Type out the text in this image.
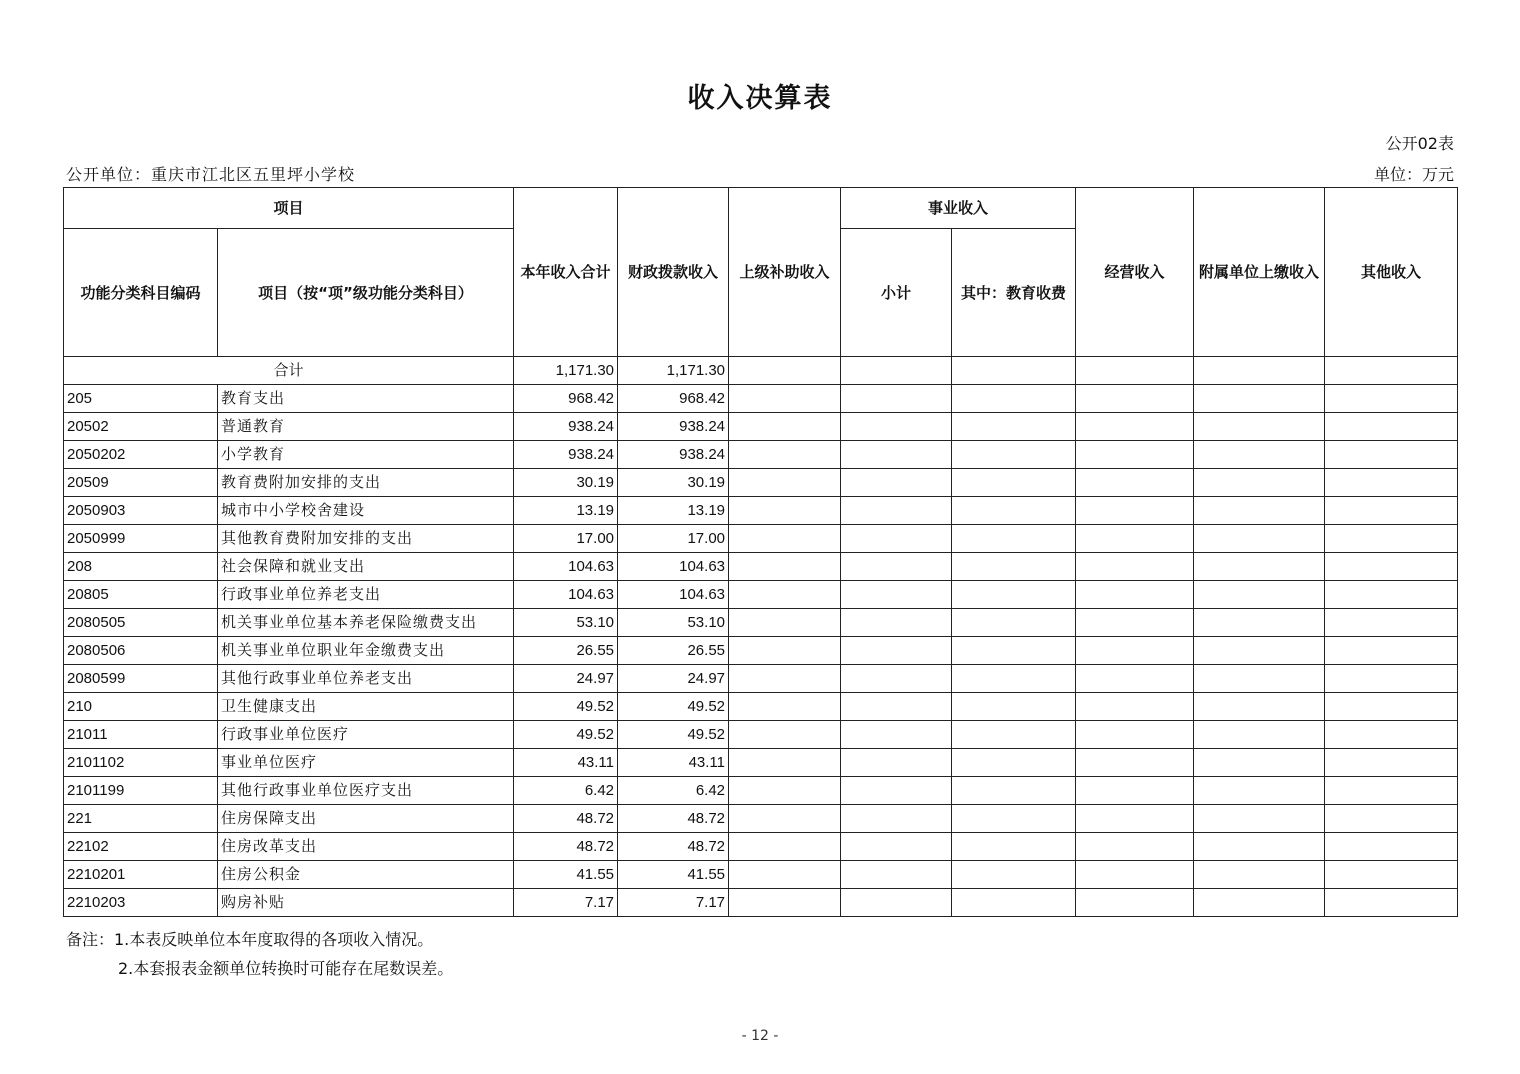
收入决算表
公开02表
公开单位：重庆市江北区五里坪小学校	单位：万元
项目		本年收入合计	财政拨款收入	上级补助收入	事业收入		经营收入	附属单位上缴收入	其他收入
功能分类科目编码	项目（按“项”级功能分类科目）				小计	其中：教育收费			
合计		1,171.30	1,171.30						
205	教育支出	968.42	968.42						
20502	普通教育	938.24	938.24						
2050202	小学教育	938.24	938.24						
20509	教育费附加安排的支出	30.19	30.19						
2050903	城市中小学校舍建设	13.19	13.19						
2050999	其他教育费附加安排的支出	17.00	17.00						
208	社会保障和就业支出	104.63	104.63						
20805	行政事业单位养老支出	104.63	104.63						
2080505	机关事业单位基本养老保险缴费支出	53.10	53.10						
2080506	机关事业单位职业年金缴费支出	26.55	26.55						
2080599	其他行政事业单位养老支出	24.97	24.97						
210	卫生健康支出	49.52	49.52						
21011	行政事业单位医疗	49.52	49.52						
2101102	事业单位医疗	43.11	43.11						
2101199	其他行政事业单位医疗支出	6.42	6.42						
221	住房保障支出	48.72	48.72						
22102	住房改革支出	48.72	48.72						
2210201	住房公积金	41.55	41.55						
2210203	购房补贴	7.17	7.17						
备注：1.本表反映单位本年度取得的各项收入情况。
2.本套报表金额单位转换时可能存在尾数误差。
- 12 -
